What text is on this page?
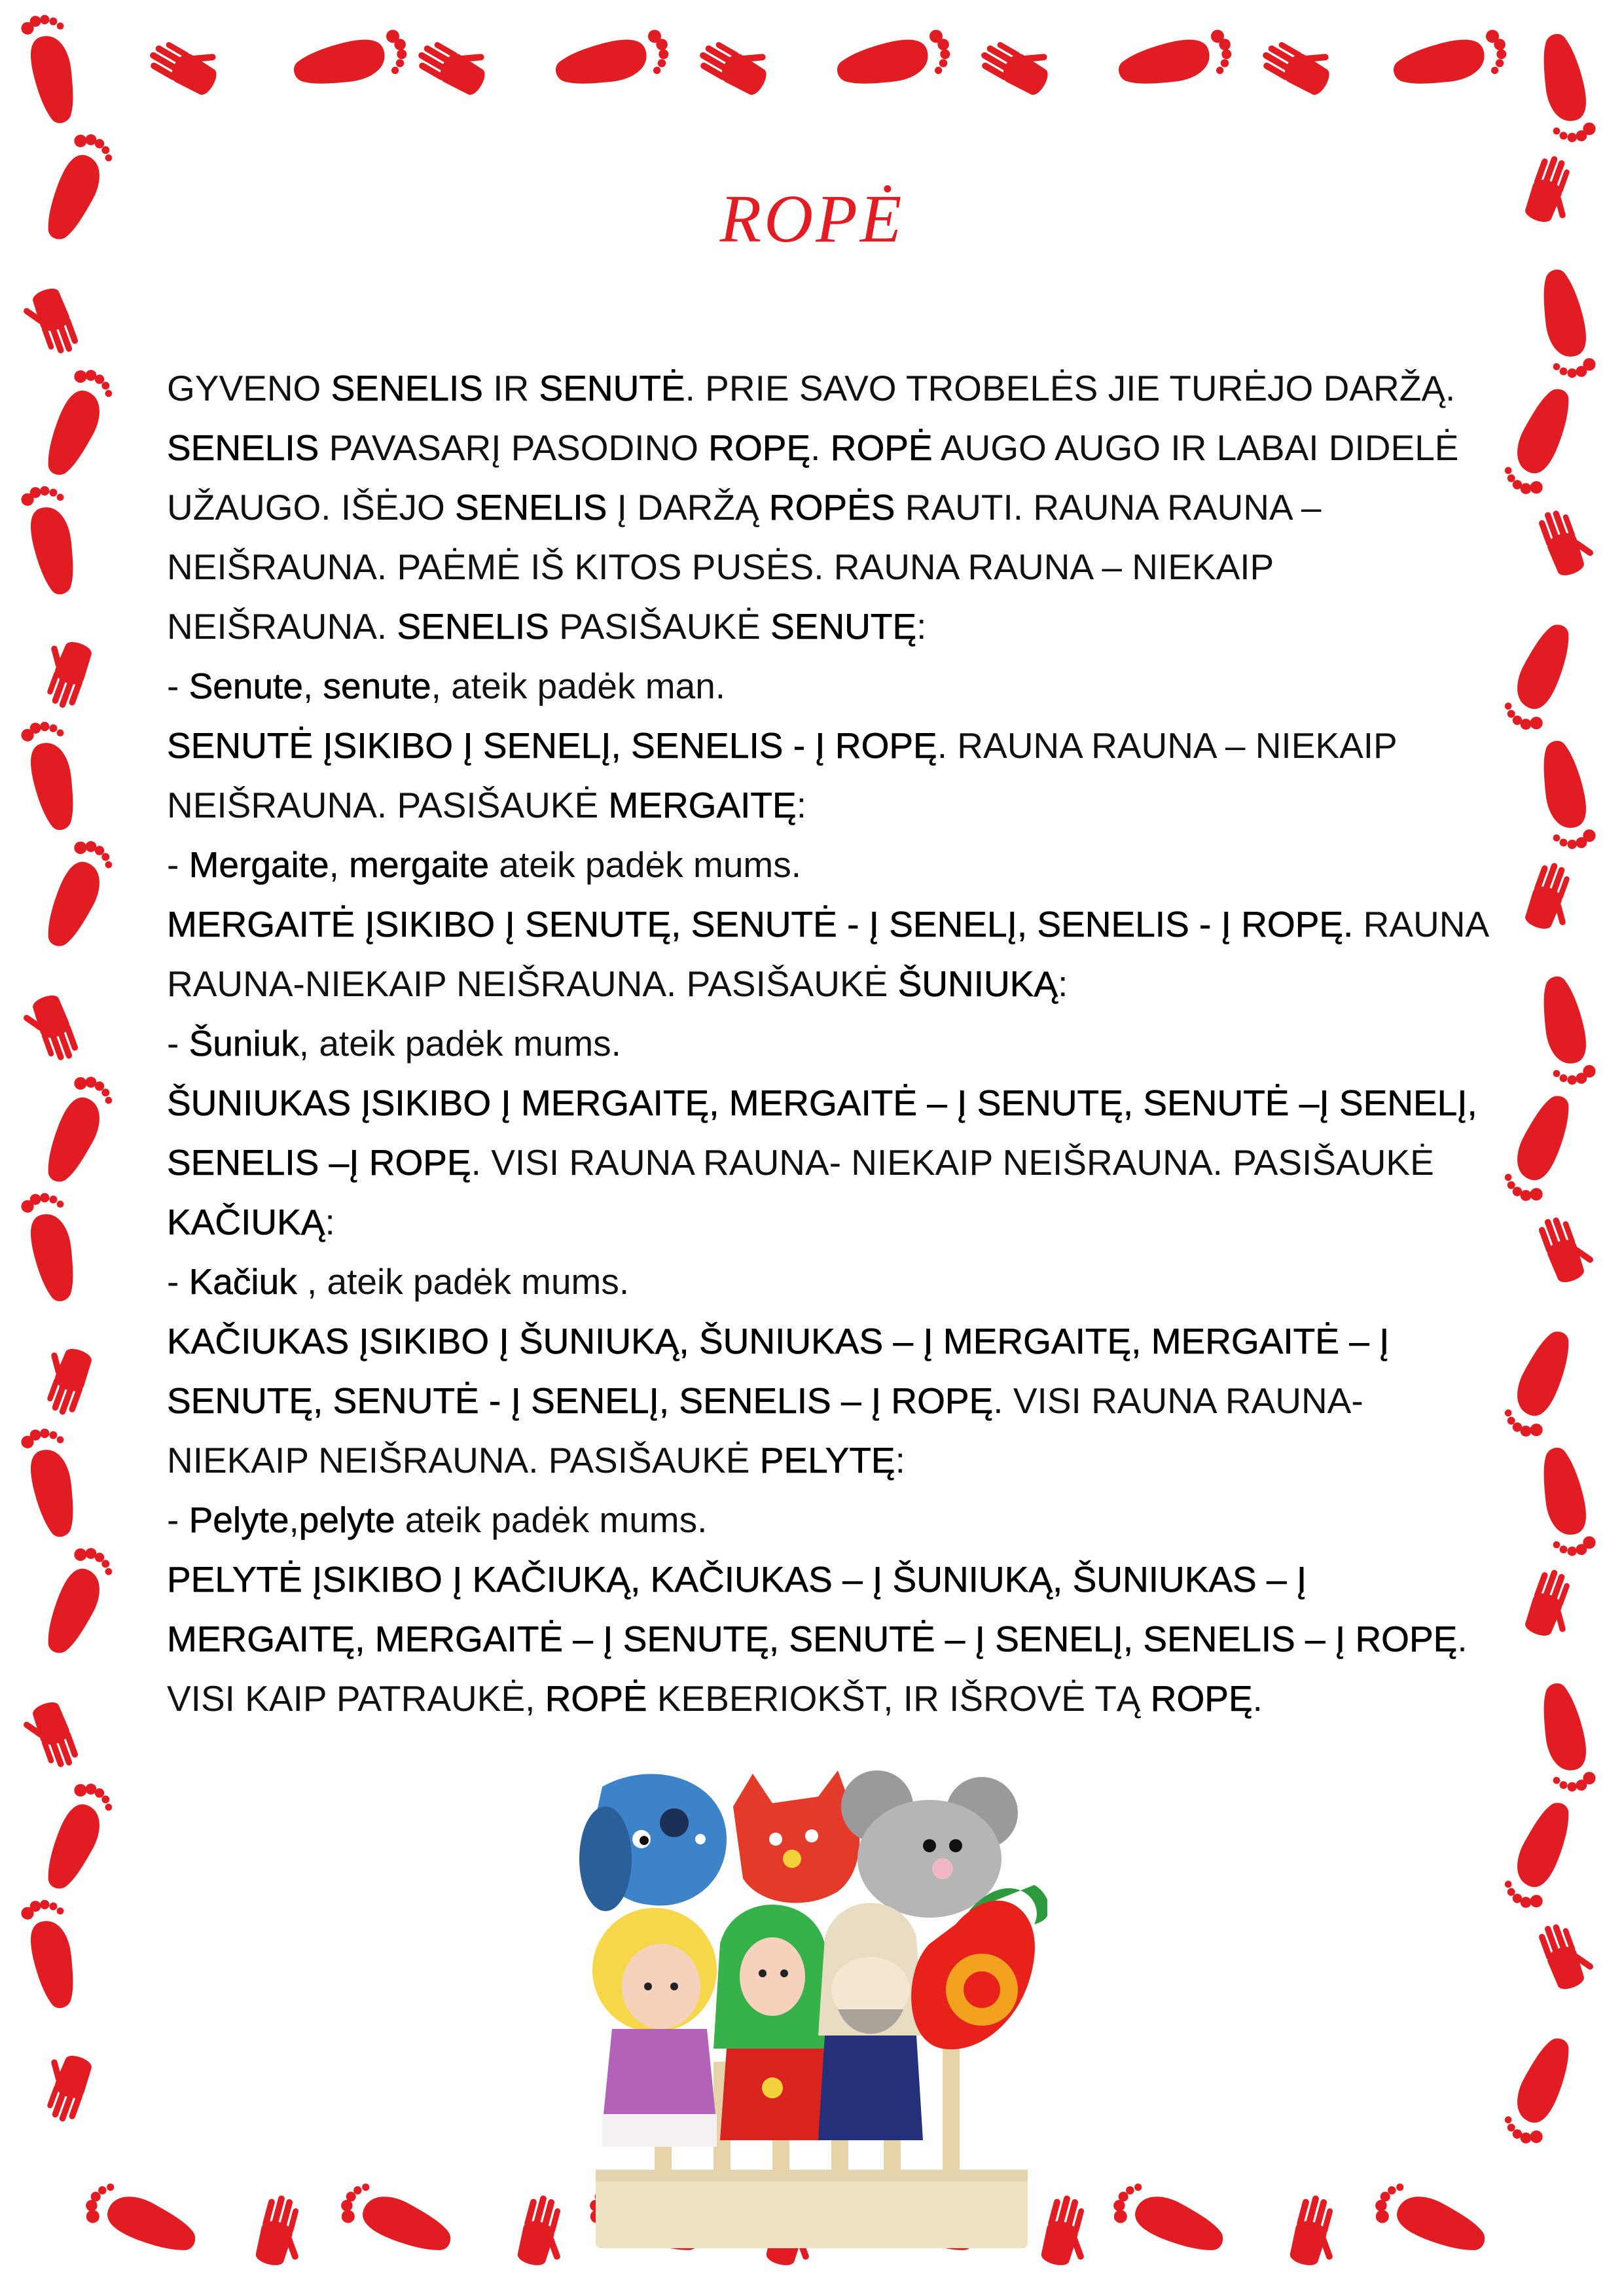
ROPĖ

GYVENO SENELIS IR SENUTĖ. PRIE SAVO TROBELĖS JIE TURĖJO DARŽĄ. SENELIS PAVASARĮ PASODINO ROPĘ. ROPĖ AUGO AUGO IR LABAI DIDELĖ UŽAUGO. IŠĖJO SENELIS Į DARŽĄ ROPĖS RAUTI. RAUNA RAUNA – NEIŠRAUNA. PAĖMĖ IŠ KITOS PUSĖS. RAUNA RAUNA – NIEKAIP NEIŠRAUNA. SENELIS PASIŠAUKĖ SENUTĘ:

- Senute, senute, ateik padėk man.

SENUTĖ ĮSIKIBO Į SENELĮ, SENELIS - Į ROPĘ. RAUNA RAUNA – NIEKAIP NEIŠRAUNA. PASIŠAUKĖ MERGAITĘ:

- Mergaite, mergaite ateik padėk mums.

MERGAITĖ ĮSIKIBO Į SENUTĘ, SENUTĖ - Į SENELĮ, SENELIS - Į ROPĘ. RAUNA RAUNA-NIEKAIP NEIŠRAUNA. PASIŠAUKĖ ŠUNIUKĄ:

- Šuniuk, ateik padėk mums.

ŠUNIUKAS ĮSIKIBO Į MERGAITĘ, MERGAITĖ – Į SENUTĘ, SENUTĖ –Į SENELĮ, SENELIS –Į ROPĘ. VISI RAUNA RAUNA- NIEKAIP NEIŠRAUNA. PASIŠAUKĖ KAČIUKĄ:

- Kačiuk , ateik padėk mums.

KAČIUKAS ĮSIKIBO Į ŠUNIUKĄ, ŠUNIUKAS – Į MERGAITĘ, MERGAITĖ – Į SENUTĘ, SENUTĖ - Į SENELĮ, SENELIS – Į ROPĘ. VISI RAUNA RAUNA- NIEKAIP NEIŠRAUNA. PASIŠAUKĖ PELYTĘ:

- Pelyte,pelyte ateik padėk mums.

PELYTĖ ĮSIKIBO Į KAČIUKĄ, KAČIUKAS – Į ŠUNIUKĄ, ŠUNIUKAS – Į MERGAITĘ, MERGAITĖ – Į SENUTĘ, SENUTĖ – Į SENELĮ, SENELIS – Į ROPĘ. VISI KAIP PATRAUKĖ, ROPĖ KEBERIOKŠT, IR IŠROVĖ TĄ ROPĘ.
